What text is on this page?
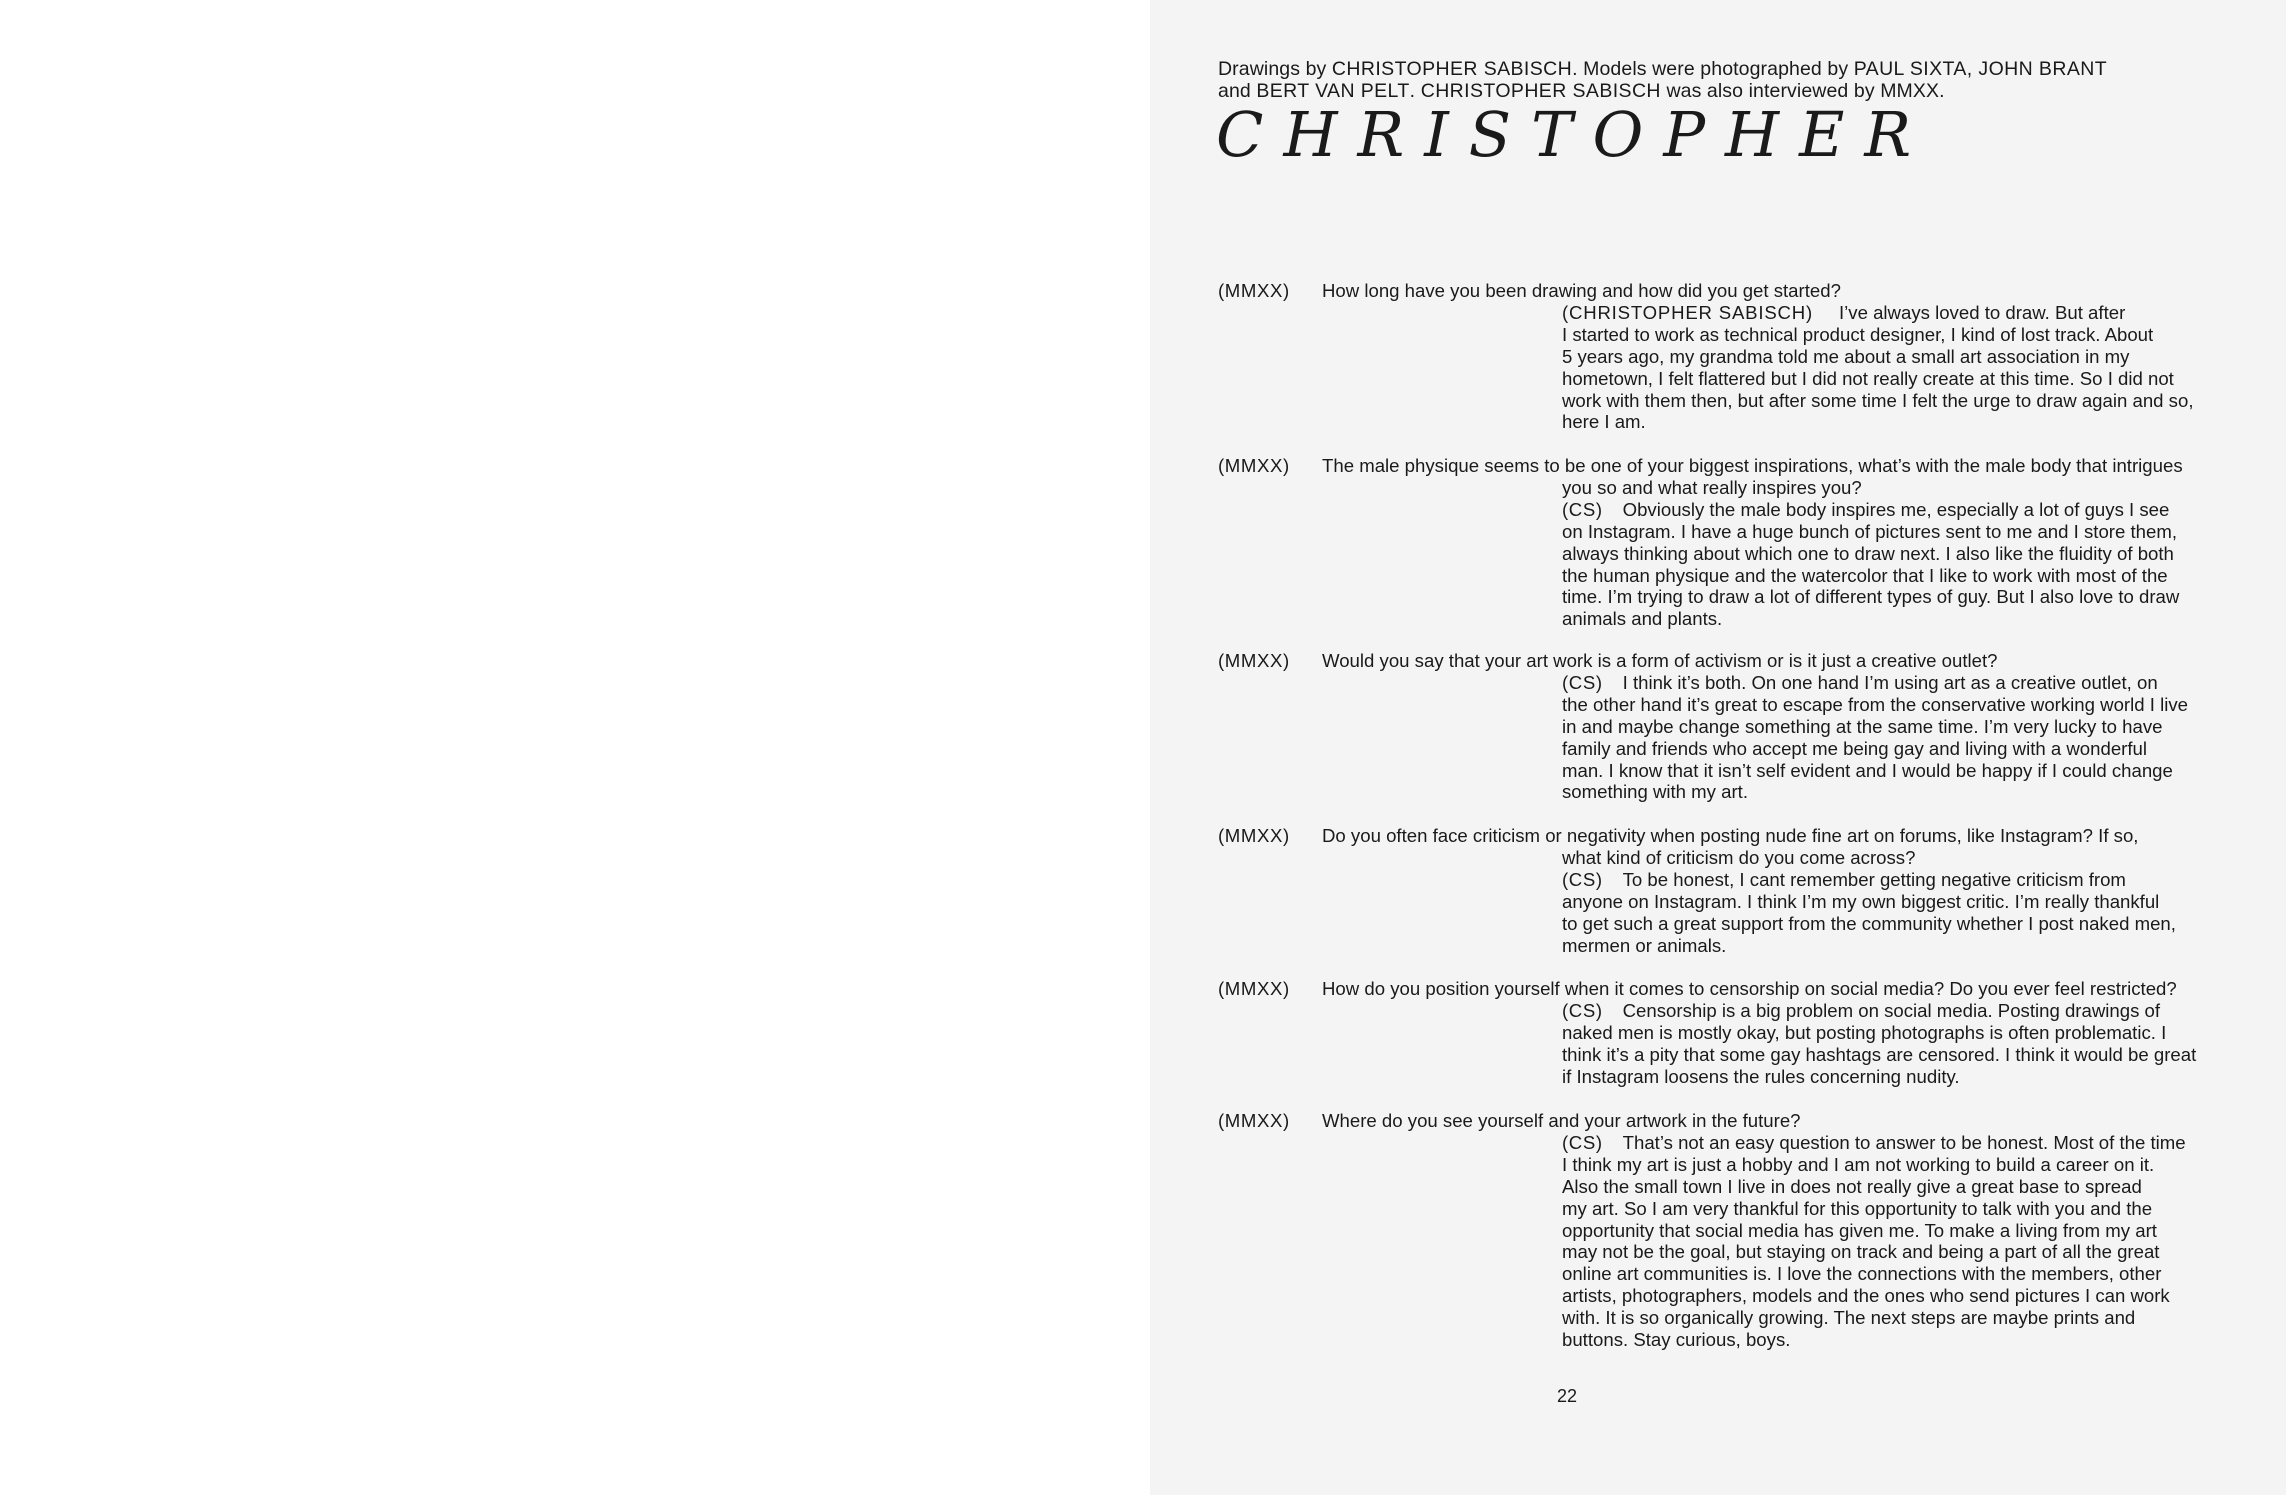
Drawings by CHRISTOPHER SABISCH. Models were photographed by PAUL SIXTA, JOHN BRANT
and BERT VAN PELT. CHRISTOPHER SABISCH was also interviewed by MMXX.
CHRISTOPHER
(MMXX) How long have you been drawing and how did you get started?
(CHRISTOPHER SABISCH) I’ve always loved to draw. But after
I started to work as technical product designer, I kind of lost track. About
5 years ago, my grandma told me about a small art association in my
hometown, I felt flattered but I did not really create at this time. So I did not
work with them then, but after some time I felt the urge to draw again and so,
here I am.
(MMXX) The male physique seems to be one of your biggest inspirations, what’s with the male body that intrigues
you so and what really inspires you?
(CS) Obviously the male body inspires me, especially a lot of guys I see
on Instagram. I have a huge bunch of pictures sent to me and I store them,
always thinking about which one to draw next. I also like the fluidity of both
the human physique and the watercolor that I like to work with most of the
time. I’m trying to draw a lot of different types of guy. But I also love to draw
animals and plants.
(MMXX) Would you say that your art work is a form of activism or is it just a creative outlet?
(CS) I think it’s both. On one hand I’m using art as a creative outlet, on
the other hand it’s great to escape from the conservative working world I live
in and maybe change something at the same time. I’m very lucky to have
family and friends who accept me being gay and living with a wonderful
man. I know that it isn’t self evident and I would be happy if I could change
something with my art.
(MMXX) Do you often face criticism or negativity when posting nude fine art on forums, like Instagram? If so,
what kind of criticism do you come across?
(CS) To be honest, I cant remember getting negative criticism from
anyone on Instagram. I think I’m my own biggest critic. I’m really thankful
to get such a great support from the community whether I post naked men,
mermen or animals.
(MMXX) How do you position yourself when it comes to censorship on social media? Do you ever feel restricted?
(CS) Censorship is a big problem on social media. Posting drawings of
naked men is mostly okay, but posting photographs is often problematic. I
think it’s a pity that some gay hashtags are censored. I think it would be great
if Instagram loosens the rules concerning nudity.
(MMXX) Where do you see yourself and your artwork in the future?
(CS) That’s not an easy question to answer to be honest. Most of the time
I think my art is just a hobby and I am not working to build a career on it.
Also the small town I live in does not really give a great base to spread
my art. So I am very thankful for this opportunity to talk with you and the
opportunity that social media has given me. To make a living from my art
may not be the goal, but staying on track and being a part of all the great
online art communities is. I love the connections with the members, other
artists, photographers, models and the ones who send pictures I can work
with. It is so organically growing. The next steps are maybe prints and
buttons. Stay curious, boys.
22
